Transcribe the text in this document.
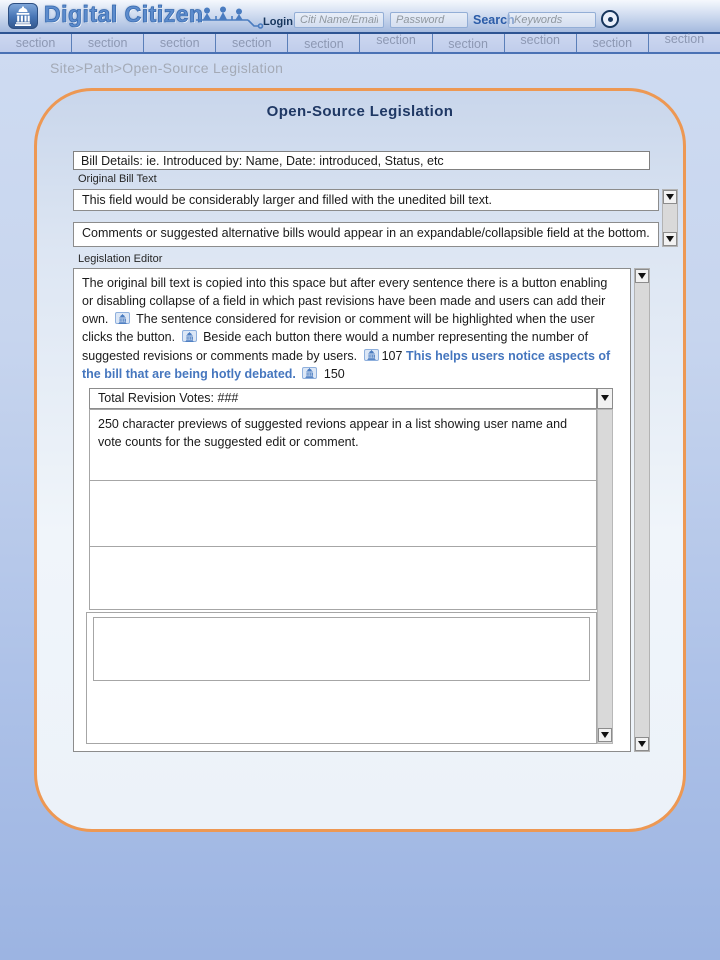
Digital Citizen	Login
Citi Name/Email
Password	Search
Keywords
section	section	section	section	section	section	section	section	section	section
Site>Path>Open-Source Legislation
Open-Source Legislation
Bill Details: ie. Introduced by: Name, Date: introduced, Status, etc
Original Bill Text
This field would be considerably larger and filled with the unedited bill text.
Comments or suggested alternative bills would appear in an expandable/collapsible field at the bottom.
Legislation Editor

The original bill text is copied into this space but after every sentence there is a button enabling or disabling collapse of a field in which past revisions have been made and users can add their own. The sentence considered for revision or comment will be highlighted when the user clicks the button. Beside each button there would a number representing the number of suggested revisions or comments made by users. 107 This helps users notice aspects of the bill that are being hotly debated. 150

Total Revision Votes: ###
250 character previews of suggested revions appear in a list showing user name and vote counts for the suggested edit or comment.
